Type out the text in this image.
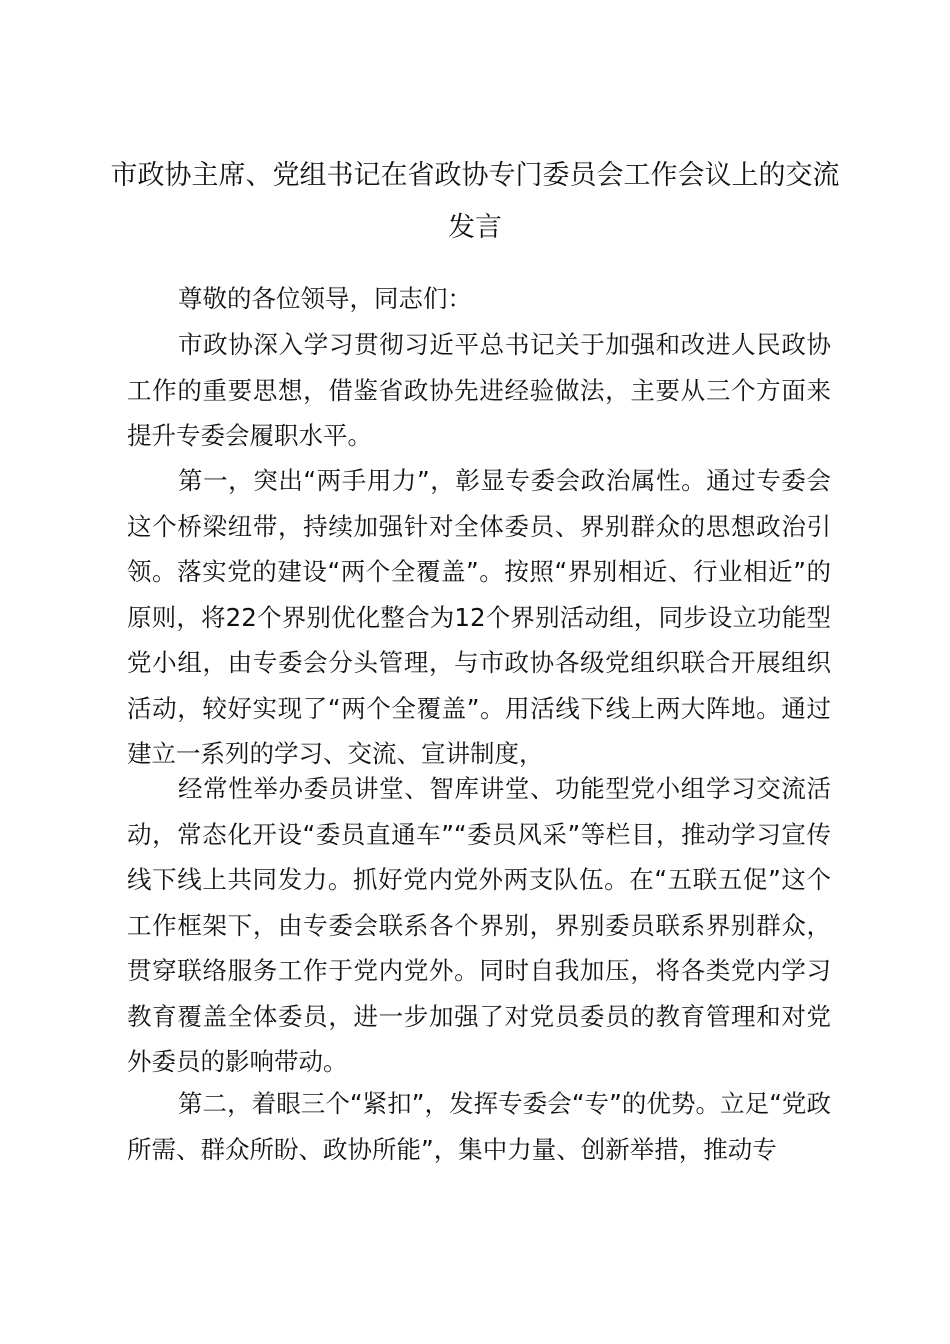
市政协主席、党组书记在省政协专门委员会工作会议上的交流发言

尊敬的各位领导，同志们：

市政协深入学习贯彻习近平总书记关于加强和改进人民政协工作的重要思想，借鉴省政协先进经验做法，主要从三个方面来提升专委会履职水平。

第一，突出“两手用力”，彰显专委会政治属性。通过专委会这个桥梁纽带，持续加强针对全体委员、界别群众的思想政治引领。落实党的建设“两个全覆盖”。按照“界别相近、行业相近”的原则，将22个界别优化整合为12个界别活动组，同步设立功能型党小组，由专委会分头管理，与市政协各级党组织联合开展组织活动，较好实现了“两个全覆盖”。用活线下线上两大阵地。通过建立一系列的学习、交流、宣讲制度，

经常性举办委员讲堂、智库讲堂、功能型党小组学习交流活动，常态化开设“委员直通车”“委员风采”等栏目，推动学习宣传线下线上共同发力。抓好党内党外两支队伍。在“五联五促”这个工作框架下，由专委会联系各个界别，界别委员联系界别群众，贯穿联络服务工作于党内党外。同时自我加压，将各类党内学习教育覆盖全体委员，进一步加强了对党员委员的教育管理和对党外委员的影响带动。

第二，着眼三个“紧扣”，发挥专委会“专”的优势。立足“党政所需、群众所盼、政协所能”，集中力量、创新举措，推动专
